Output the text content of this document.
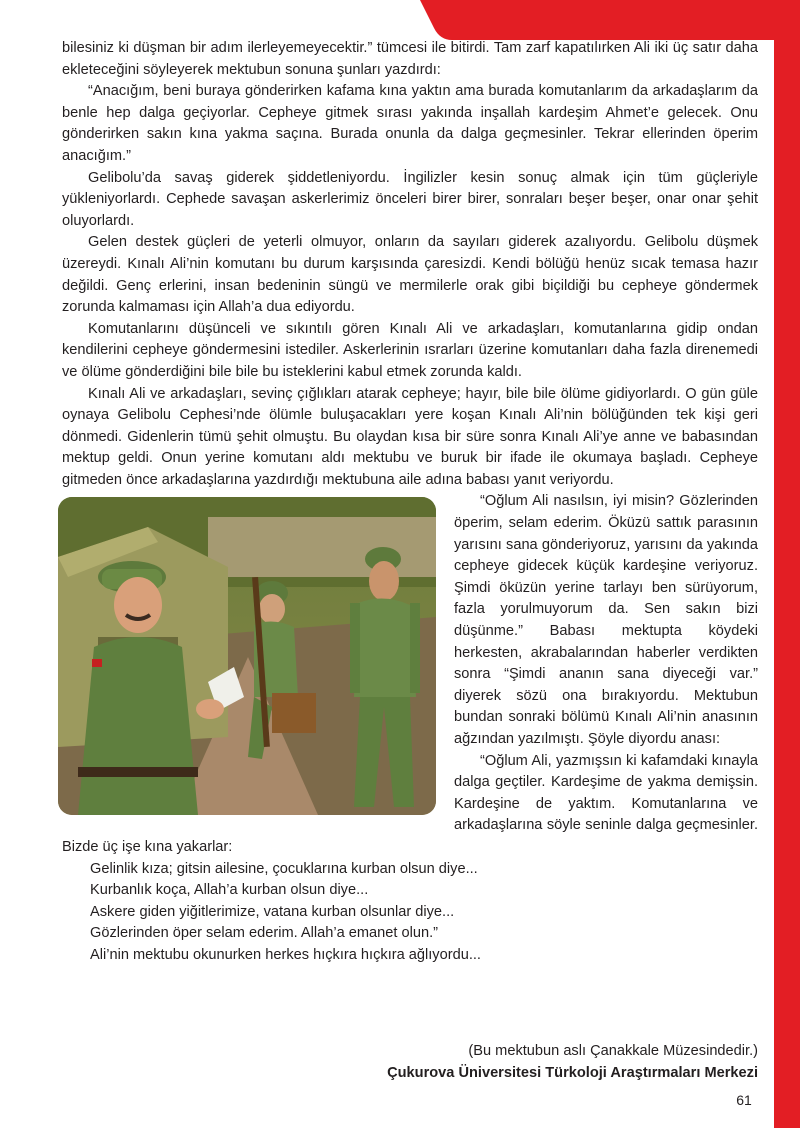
bilesiniz ki düşman bir adım ilerleyemeyecektir.” tümcesi ile bitirdi. Tam zarf kapatılırken Ali iki üç satır daha ekleteceğini söyleyerek mektubun sonuna şunları yazdırdı:

“Anacığım, beni buraya gönderirken kafama kına yaktın ama burada komutanlarım da arkadaşlarım da benle hep dalga geçiyorlar. Cepheye gitmek sırası yakında inşallah kardeşim Ahmet’e gelecek. Onu gönderirken sakın kına yakma saçına. Burada onunla da dalga geçmesinler. Tekrar ellerinden öperim anacığım.”

Gelibolu’da savaş giderek şiddetleniyordu. İngilizler kesin sonuç almak için tüm güçleriyle yükleniyorlardı. Cephede savaşan askerlerimiz önceleri birer birer, sonraları beşer beşer, onar onar şehit oluyorlardı.

Gelen destek güçleri de yeterli olmuyor, onların da sayıları giderek azalıyordu. Gelibolu düşmek üzereydi. Kınalı Ali’nin komutanı bu durum karşısında çaresizdi. Kendi bölüğü henüz sıcak temasa hazır değildi. Genç erlerini, insan bedeninin süngü ve mermilerle orak gibi biçildiği bu cepheye göndermek zorunda kalmaması için Allah’a dua ediyordu.

Komutanlarını düşünceli ve sıkıntılı gören Kınalı Ali ve arkadaşları, komutanlarına gidip ondan kendilerini cepheye göndermesini istediler. Askerlerinin ısrarları üzerine komutanları daha fazla direnemedi ve ölüme gönderdiğini bile bile bu isteklerini kabul etmek zorunda kaldı.

Kınalı Ali ve arkadaşları, sevinç çığlıkları atarak cepheye; hayır, bile bile ölüme gidiyorlardı. O gün güle oynaya Gelibolu Cephesi’nde ölümle buluşacakları yere koşan Kınalı Ali’nin bölüğünden tek kişi geri dönmedi. Gidenlerin tümü şehit olmuştu. Bu olaydan kısa bir süre sonra Kınalı Ali’ye anne ve babasından mektup geldi. Onun yerine komutanı aldı mektubu ve buruk bir ifade ile okumaya başladı. Cepheye gitmeden önce arkadaşlarına yazdırdığı mektubuna aile adına babası yanıt veriyordu.

“Oğlum Ali nasılsın, iyi misin? Gözlerinden öperim, selam ederim. Öküzü sattık parasının yarısını sana gönderiyoruz, yarısını da yakında cepheye gidecek küçük kardeşine veriyoruz. Şimdi öküzün yerine tarlayı ben sürüyorum, fazla yorulmuyorum da. Sen sakın bizi düşünme.” Babası mektupta köydeki herkesten, akrabalarından haberler verdikten sonra “Şimdi ananın sana diyeceği var.” diyerek sözü ona bırakıyordu. Mektubun bundan sonraki bölümü Kınalı Ali’nin anasının ağzından yazılmıştı. Şöyle diyordu anası:

“Oğlum Ali, yazmışsın ki kafamdaki kınayla dalga geçtiler. Kardeşime de yakma demişsin. Kardeşine de yaktım. Komutanlarına ve arkadaşlarına söyle seninle dalga geçmesinler. Bizde üç işe kına yakarlar:

Gelinlik kıza; gitsin ailesine, çocuklarına kurban olsun diye...
Kurbanlık koça, Allah’a kurban olsun diye...
Askere giden yiğitlerimize, vatana kurban olsunlar diye...
Gözlerinden öper selam ederim. Allah’a emanet olun.”
Ali’nin mektubu okunurken herkes hıçkıra hıçkıra ağlıyordu...
(Bu mektubun aslı Çanakkale Müzesindedir.)
Çukurova Üniversitesi Türkoloji Araştırmaları Merkezi
61
